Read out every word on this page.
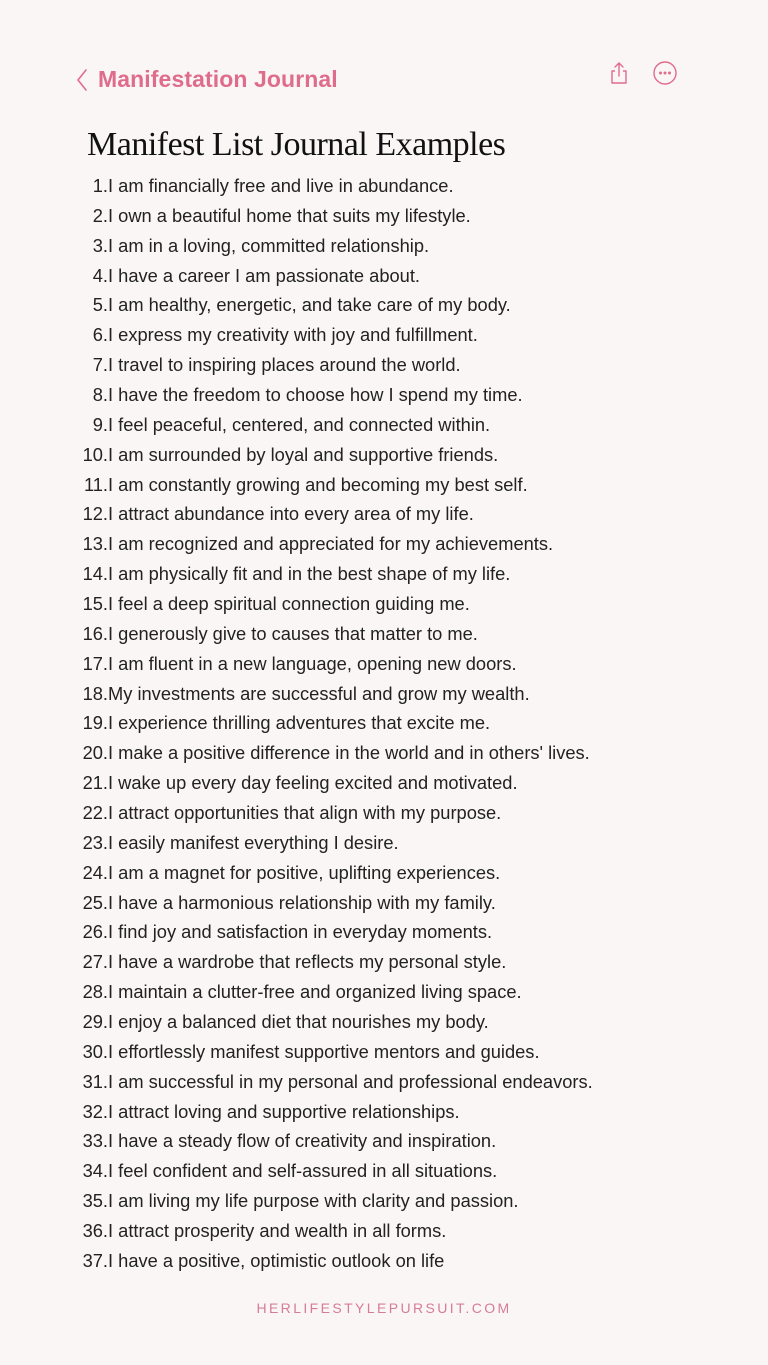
Manifestation Journal
Manifest List Journal Examples
1. I am financially free and live in abundance.
2. I own a beautiful home that suits my lifestyle.
3. I am in a loving, committed relationship.
4. I have a career I am passionate about.
5. I am healthy, energetic, and take care of my body.
6. I express my creativity with joy and fulfillment.
7. I travel to inspiring places around the world.
8. I have the freedom to choose how I spend my time.
9. I feel peaceful, centered, and connected within.
10. I am surrounded by loyal and supportive friends.
11. I am constantly growing and becoming my best self.
12. I attract abundance into every area of my life.
13. I am recognized and appreciated for my achievements.
14. I am physically fit and in the best shape of my life.
15. I feel a deep spiritual connection guiding me.
16. I generously give to causes that matter to me.
17. I am fluent in a new language, opening new doors.
18. My investments are successful and grow my wealth.
19. I experience thrilling adventures that excite me.
20. I make a positive difference in the world and in others' lives.
21. I wake up every day feeling excited and motivated.
22. I attract opportunities that align with my purpose.
23. I easily manifest everything I desire.
24. I am a magnet for positive, uplifting experiences.
25. I have a harmonious relationship with my family.
26. I find joy and satisfaction in everyday moments.
27. I have a wardrobe that reflects my personal style.
28. I maintain a clutter-free and organized living space.
29. I enjoy a balanced diet that nourishes my body.
30. I effortlessly manifest supportive mentors and guides.
31. I am successful in my personal and professional endeavors.
32. I attract loving and supportive relationships.
33. I have a steady flow of creativity and inspiration.
34. I feel confident and self-assured in all situations.
35. I am living my life purpose with clarity and passion.
36. I attract prosperity and wealth in all forms.
37. I have a positive, optimistic outlook on life
HERLIFESTYLEPURSUIT.COM
